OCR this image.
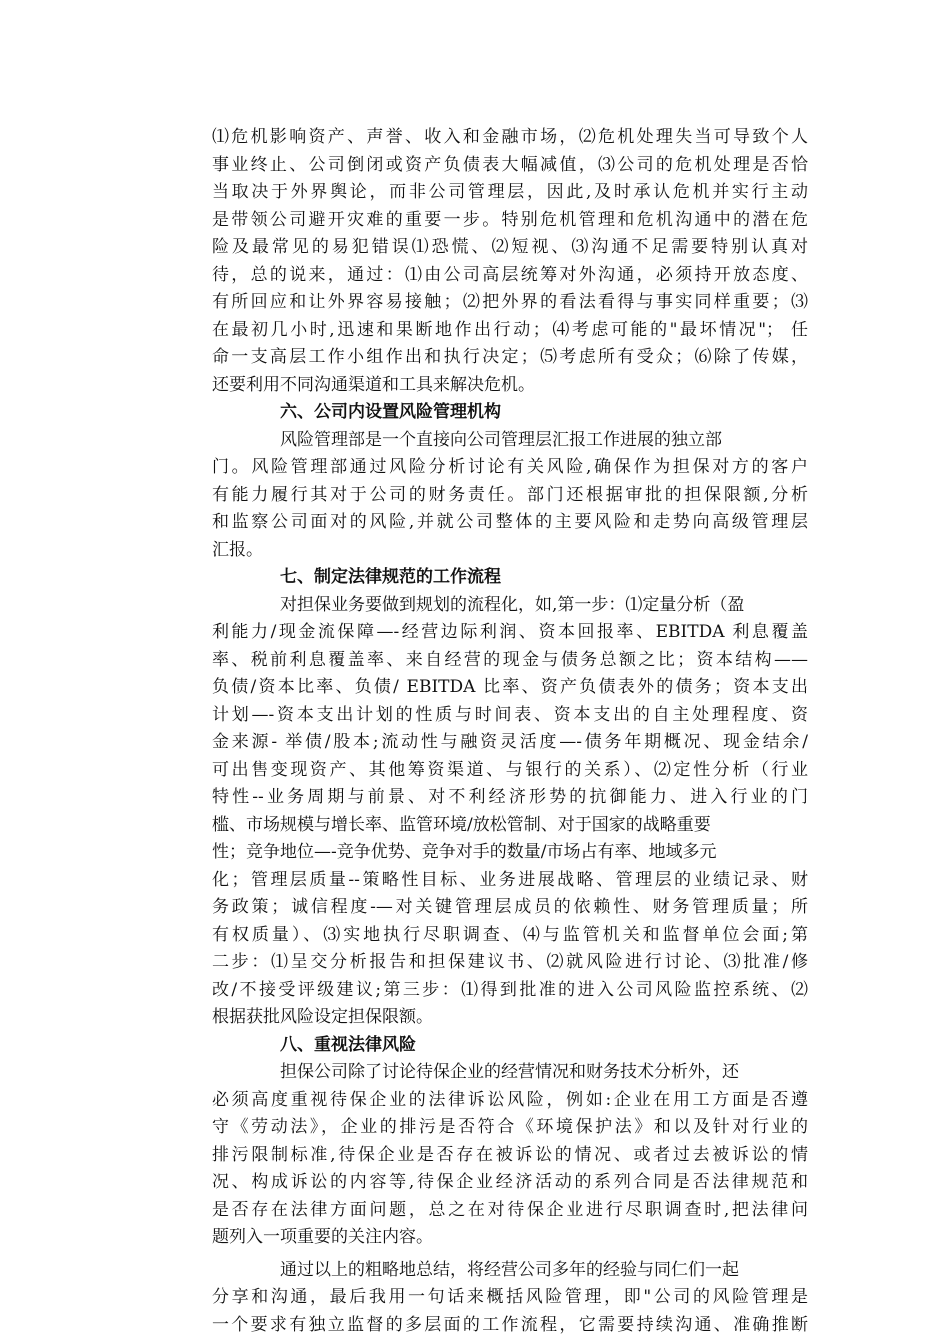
⑴危机影响资产、声誉、收入和金融市场，⑵危机处理失当可导致个人
事业终止、公司倒闭或资产负债表大幅减值，⑶公司的危机处理是否恰
当取决于外界舆论，而非公司管理层，因此,及时承认危机并实行主动
是带领公司避开灾难的重要一步。特别危机管理和危机沟通中的潜在危
险及最常见的易犯错误⑴恐慌、⑵短视、⑶沟通不足需要特别认真对
待，总的说来，通过：⑴由公司高层统筹对外沟通，必须持开放态度、
有所回应和让外界容易接触；⑵把外界的看法看得与事实同样重要；⑶
在最初几小时,迅速和果断地作出行动；⑷考虑可能的"最坏情况"； 任
命一支高层工作小组作出和执行决定；⑸考虑所有受众；⑹除了传媒，
还要利用不同沟通渠道和工具来解决危机。
六、公司内设置风险管理机构
风险管理部是一个直接向公司管理层汇报工作进展的独立部
门。风险管理部通过风险分析讨论有关风险,确保作为担保对方的客户
有能力履行其对于公司的财务责任。部门还根据审批的担保限额,分析
和监察公司面对的风险,并就公司整体的主要风险和走势向高级管理层
汇报。
七、制定法律规范的工作流程
对担保业务要做到规划的流程化，如,第一步：⑴定量分析（盈
利能力/现金流保障—-经营边际利润、资本回报率、EBITDA 利息覆盖
率、税前利息覆盖率、来自经营的现金与债务总额之比；资本结构——
负债/资本比率、负债/ EBITDA 比率、资产负债表外的债务；资本支出
计划—-资本支出计划的性质与时间表、资本支出的自主处理程度、资
金来源- 举债/股本;流动性与融资灵活度—-债务年期概况、现金结余/
可出售变现资产、其他筹资渠道、与银行的关系）、⑵定性分析（行业
特性--业务周期与前景、对不利经济形势的抗御能力、进入行业的门
槛、市场规模与增长率、监管环境/放松管制、对于国家的战略重要
性；竞争地位—-竞争优势、竞争对手的数量/市场占有率、地域多元
化；管理层质量--策略性目标、业务进展战略、管理层的业绩记录、财
务政策；诚信程度-—对关键管理层成员的依赖性、财务管理质量；所
有权质量）、⑶实地执行尽职调查、⑷与监管机关和监督单位会面;第
二步：⑴呈交分析报告和担保建议书、⑵就风险进行讨论、⑶批准/修
改/不接受评级建议;第三步：⑴得到批准的进入公司风险监控系统、⑵
根据获批风险设定担保限额。
八、重视法律风险
担保公司除了讨论待保企业的经营情况和财务技术分析外，还
必须高度重视待保企业的法律诉讼风险，例如:企业在用工方面是否遵
守《劳动法》，企业的排污是否符合《环境保护法》和以及针对行业的
排污限制标准,待保企业是否存在被诉讼的情况、或者过去被诉讼的情
况、构成诉讼的内容等,待保企业经济活动的系列合同是否法律规范和
是否存在法律方面问题，总之在对待保企业进行尽职调查时,把法律问
题列入一项重要的关注内容。
通过以上的粗略地总结，将经营公司多年的经验与同仁们一起
分享和沟通，最后我用一句话来概括风险管理，即"公司的风险管理是
一个要求有独立监督的多层面的工作流程，它需要持续沟通、准确推断
